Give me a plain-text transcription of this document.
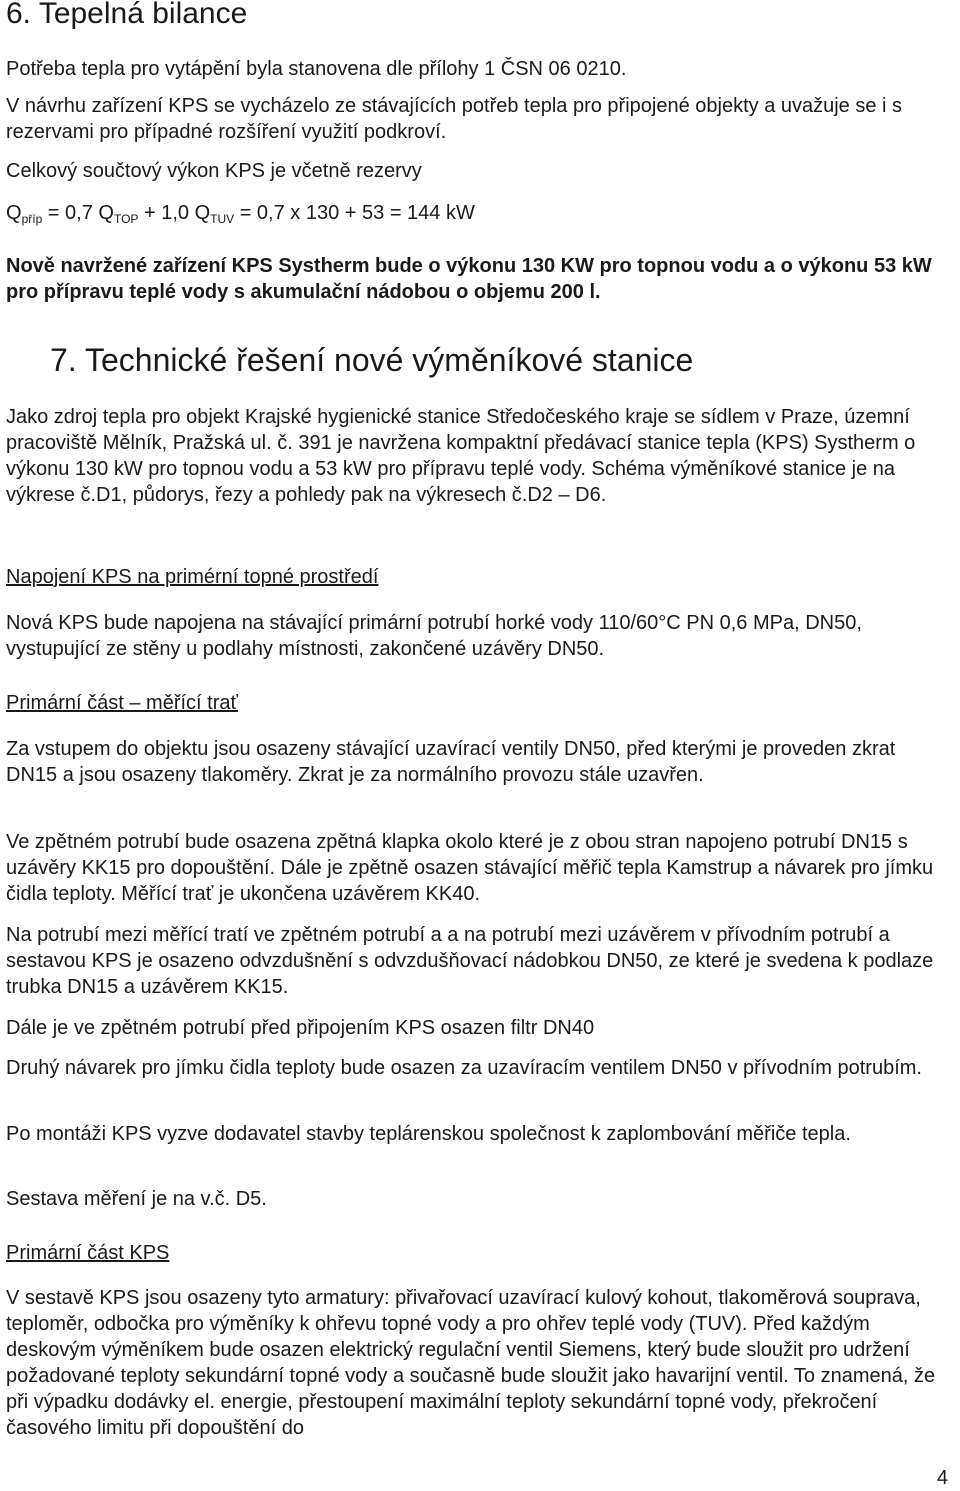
6. Tepelná bilance

Potřeba tepla pro vytápění byla stanovena dle přílohy 1 ČSN 06 0210.

V návrhu zařízení KPS se vycházelo ze stávajících potřeb tepla pro připojené objekty a uvažuje se i s rezervami pro případné rozšíření využití podkroví.

Celkový součtový výkon KPS je včetně rezervy

$Q_{příp} = 0,7$ $Q_{TOP} + 1,0$ $Q_{TUV} = 0,7$ x 130 + 53 = 144 kW

Nově navržené zařízení KPS Systherm bude o výkonu 130 KW pro topnou vodu a o výkonu 53 kW pro přípravu teplé vody s akumulační nádobou o objemu 200 l.

7. Technické řešení nové výměníkové stanice

Jako zdroj tepla pro objekt Krajské hygienické stanice Středočeského kraje se sídlem v Praze, územní pracoviště Mělník, Pražská ul. č. 391 je navržena kompaktní předávací stanice tepla (KPS) Systherm o výkonu 130 kW pro topnou vodu a 53 kW pro přípravu teplé vody. Schéma výměníkové stanice je na výkrese č.D1, půdorys, řezy a pohledy pak na výkresech č.D2 – D6.

Napojení KPS na primérní topné prostředí

Nová KPS bude napojena na stávající primární potrubí horké vody 110/60°C PN 0,6 MPa, DN50, vystupující ze stěny u podlahy místnosti, zakončené uzávěry DN50.

Primární část – měřící trať

Za vstupem do objektu jsou osazeny stávající uzavírací ventily DN50, před kterými je proveden zkrat DN15 a jsou osazeny tlakoměry. Zkrat je za normálního provozu stále uzavřen.

Ve zpětném potrubí bude osazena zpětná klapka okolo které je z obou stran napojeno potrubí DN15 s uzávěry KK15 pro dopouštění. Dále je zpětně osazen stávající měřič tepla Kamstrup a návarek pro jímku čidla teploty. Měřící trať je ukončena uzávěrem KK40.

Na potrubí mezi měřící tratí ve zpětném potrubí a a na potrubí mezi uzávěrem v přívodním potrubí a sestavou KPS je osazeno odvzdušnění s odvzdušňovací nádobkou DN50, ze které je svedena k podlaze trubka DN15 a uzávěrem KK15.

Dále je ve zpětném potrubí před připojením KPS osazen filtr DN40

Druhý návarek pro jímku čidla teploty bude osazen za uzavíracím ventilem DN50 v přívodním potrubím.

Po montáži KPS vyzve dodavatel stavby teplárenskou společnost k zaplombování měřiče tepla.

Sestava měření je na v.č. D5.

Primární část KPS

V sestavě KPS jsou osazeny tyto armatury: přivařovací uzavírací kulový kohout, tlakoměrová souprava, teploměr, odbočka pro výměníky k ohřevu topné vody a pro ohřev teplé vody (TUV). Před každým deskovým výměníkem bude osazen elektrický regulační ventil Siemens, který bude sloužit pro udržení požadované teploty sekundární topné vody a současně bude sloužit jako havarijní ventil. To znamená, že při výpadku dodávky el. energie, přestoupení maximální teploty sekundární topné vody, překročení časového limitu při dopouštění do

4
